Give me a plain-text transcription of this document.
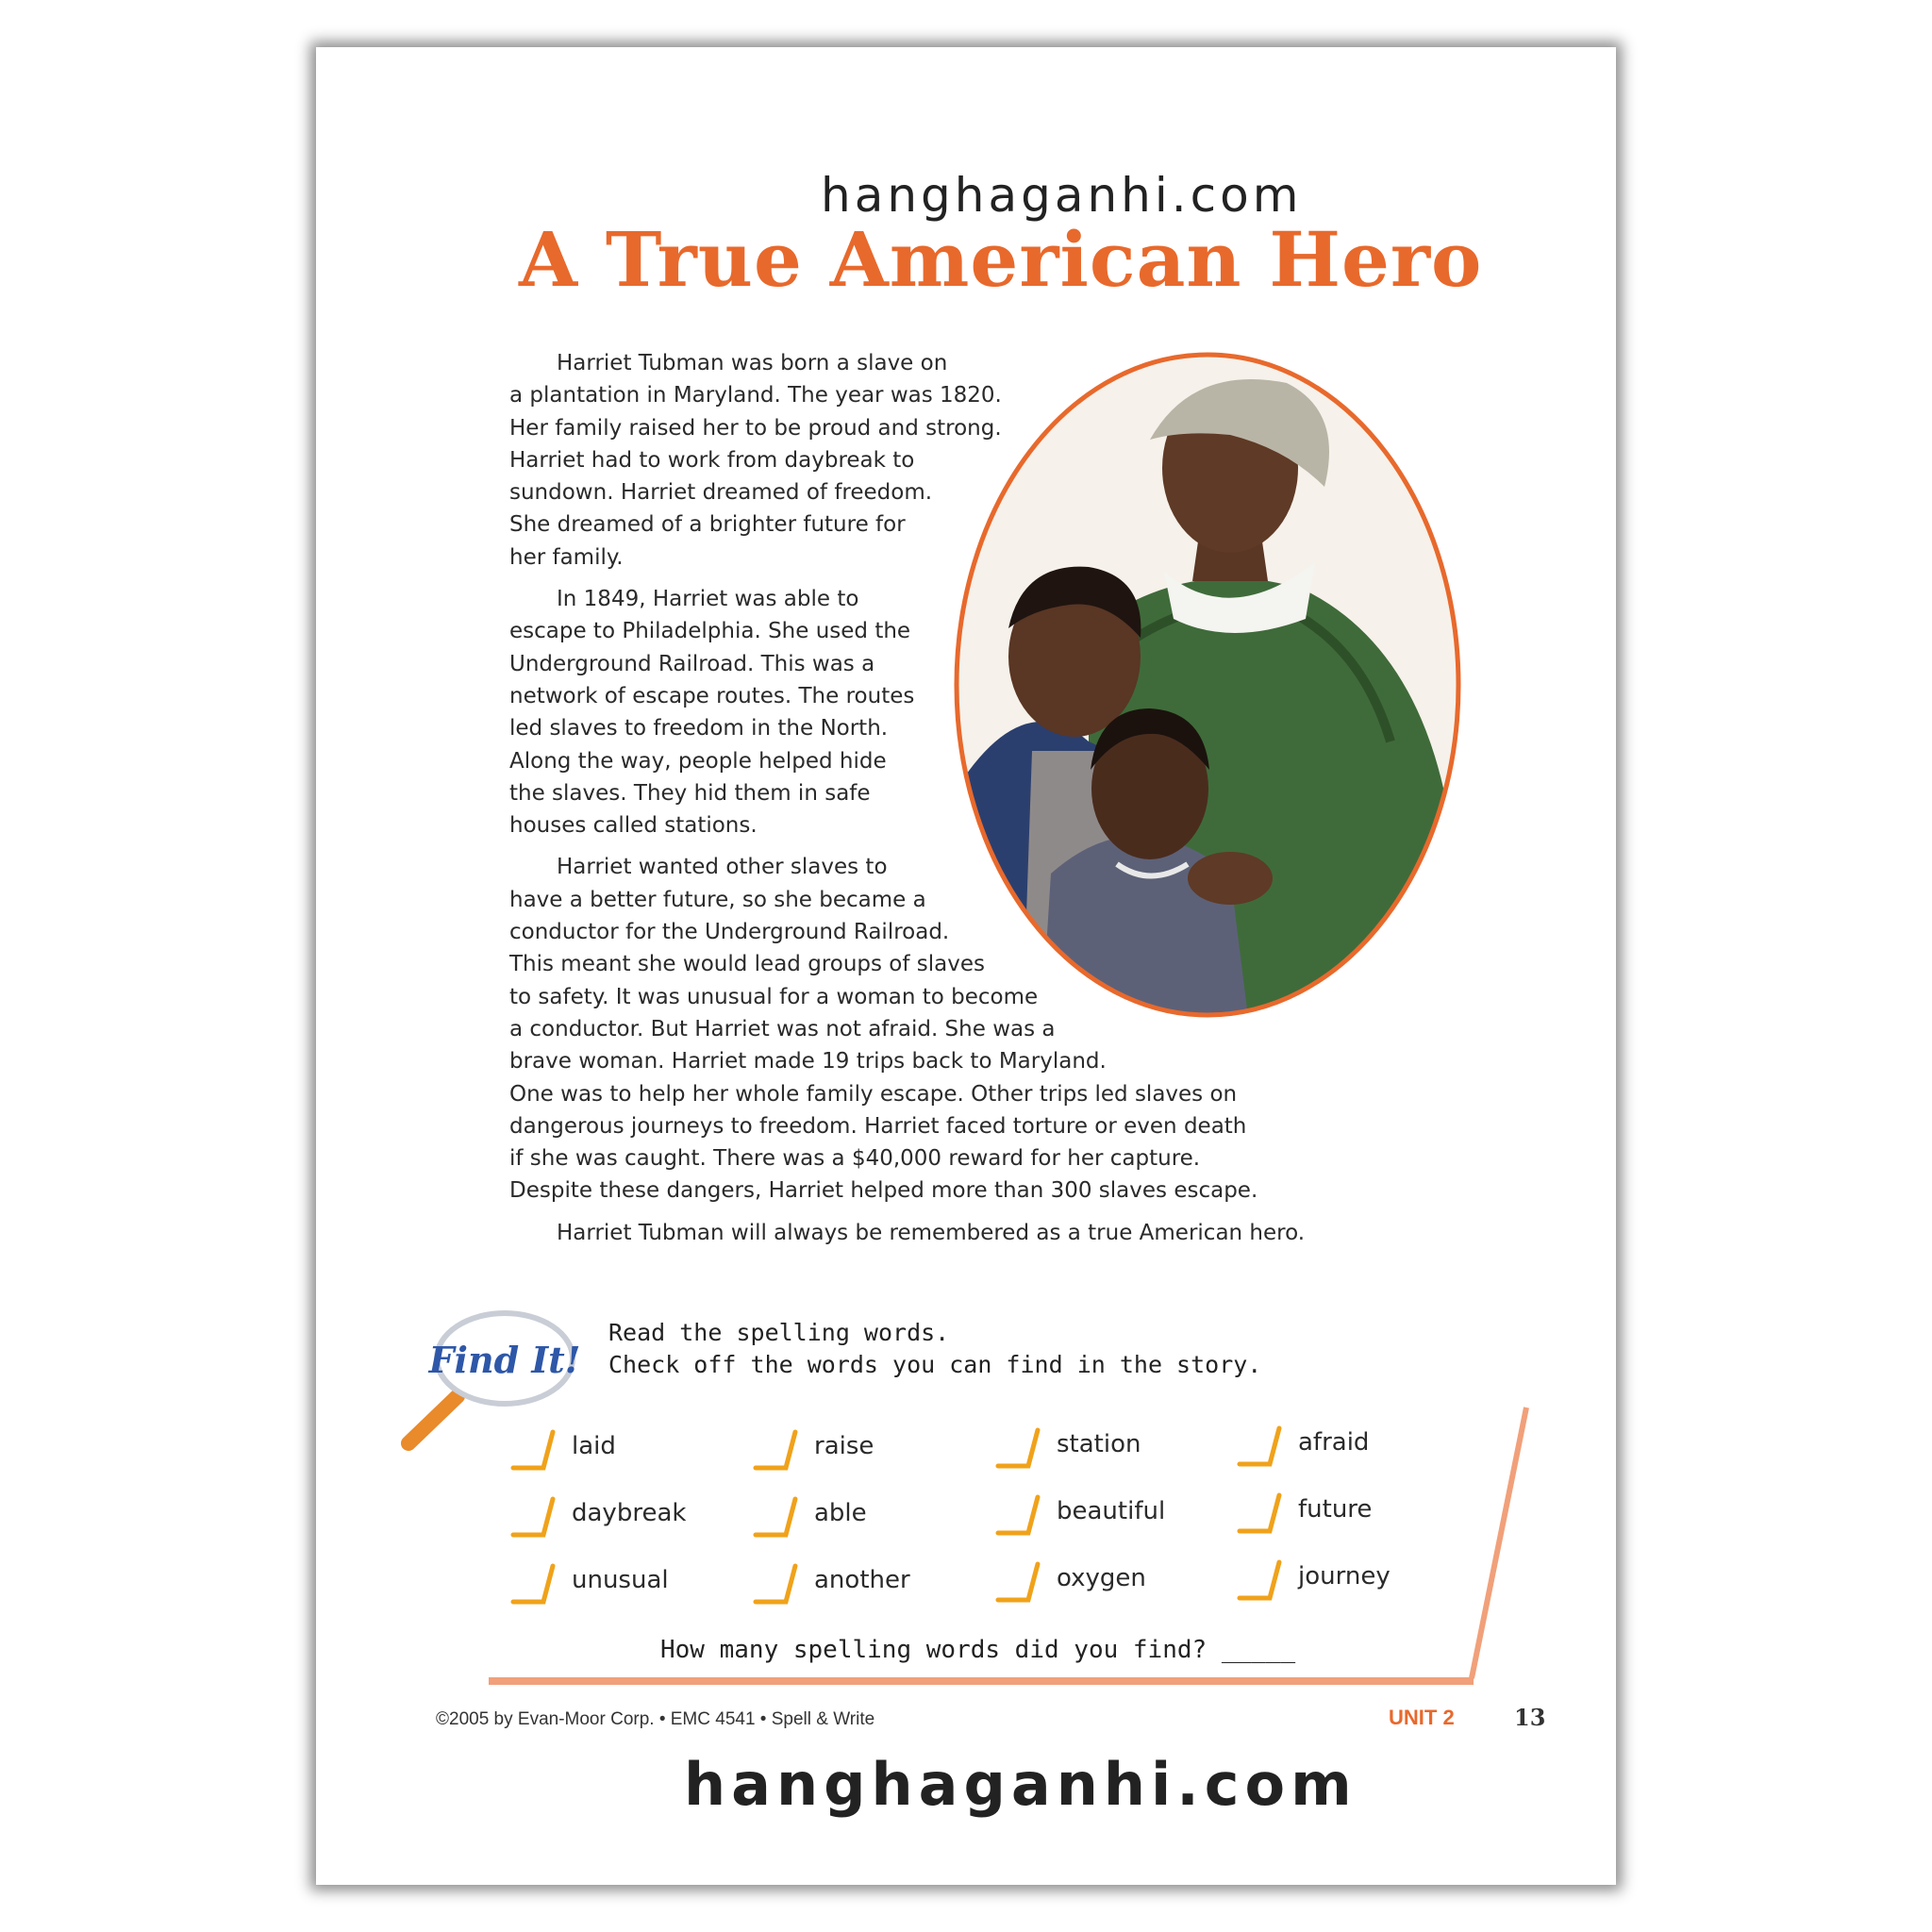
hanghaganhi.com
A True American Hero

Harriet Tubman was born a slave on
a plantation in Maryland. The year was 1820.
Her family raised her to be proud and strong.
Harriet had to work from daybreak to
sundown. Harriet dreamed of freedom.
She dreamed of a brighter future for
her family.

In 1849, Harriet was able to
escape to Philadelphia. She used the
Underground Railroad. This was a
network of escape routes. The routes
led slaves to freedom in the North.
Along the way, people helped hide
the slaves. They hid them in safe
houses called stations.

Harriet wanted other slaves to
have a better future, so she became a
conductor for the Underground Railroad.
This meant she would lead groups of slaves
to safety. It was unusual for a woman to become
a conductor. But Harriet was not afraid. She was a
brave woman. Harriet made 19 trips back to Maryland.
One was to help her whole family escape. Other trips led slaves on
dangerous journeys to freedom. Harriet faced torture or even death
if she was caught. There was a $40,000 reward for her capture.
Despite these dangers, Harriet helped more than 300 slaves escape.

Harriet Tubman will always be remembered as a true American hero.

Find It!
Read the spelling words.
Check off the words you can find in the story.
laid	raise	station	afraid
daybreak	able	beautiful	future
unusual	another	oxygen	journey
How many spelling words did you find? _____
©2005 by Evan-Moor Corp. • EMC 4541 • Spell & Write	UNIT 2	13
hanghaganhi.com
